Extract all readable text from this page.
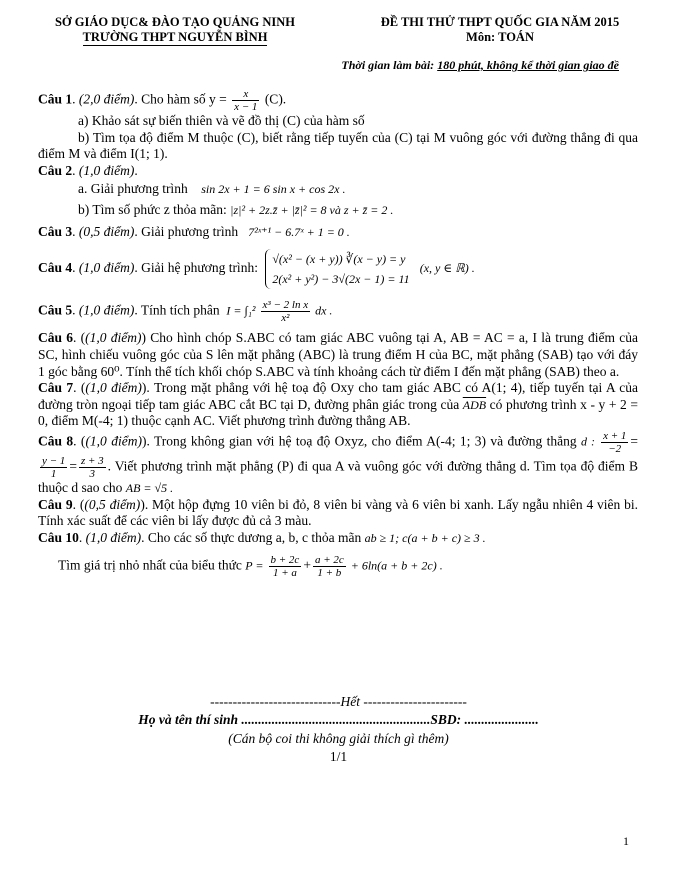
SỞ GIÁO DỤC& ĐÀO TẠO QUẢNG NINH
TRƯỜNG THPT NGUYỄN BÌNH
ĐỀ THI THỬ THPT QUỐC GIA NĂM 2015
Môn: TOÁN
Thời gian làm bài: 180 phút, không kể thời gian giao đề

Câu 1. (2,0 điểm). Cho hàm số $y = \frac{x}{x - 1} (C)$.

a) Khảo sát sự biến thiên và vẽ đồ thị (C) của hàm số

b) Tìm tọa độ điểm M thuộc (C), biết rằng tiếp tuyến của (C) tại M vuông góc với đường thẳng đi qua điểm M và điểm I(1; 1).

Câu 2. (1,0 điểm).

a. Giải phương trình sin 2x + 1 = 6 sin x + cos 2x .

b) Tìm số phức z thỏa mãn: |z|² + 2z.z̄ + |z̄|² = 8 và z + z̄ = 2 .

Câu 3. (0,5 điểm). Giải phương trình 7²ˣ⁺¹ − 6.7ˣ + 1 = 0 .

Câu 4. (1,0 điểm). Giải hệ phương trình:
√(x² − (x + y)) ∛(x − y) = y
2(x² + y²) − 3√(2x − 1) = 11
(x, y ∈ ℝ) .

Câu 5. (1,0 điểm). Tính tích phân $I = \int_1^2 \frac{\text{x³ − 2 ln x}}{\text{x²}}$ dx .

Câu 6. ((1,0 điểm)) Cho hình chóp S.ABC có tam giác ABC vuông tại A, AB = AC = a, I là trung điểm của SC, hình chiếu vuông góc của S lên mặt phẳng (ABC) là trung điểm H của BC, mặt phẳng (SAB) tạo với đáy 1 góc bằng 60⁰. Tính thể tích khối chóp S.ABC và tính khoảng cách từ điểm I đến mặt phẳng (SAB) theo a.

Câu 7. ((1,0 điểm)). Trong mặt phẳng với hệ toạ độ Oxy cho tam giác ABC có A(1; 4), tiếp tuyến tại A của đường tròn ngoại tiếp tam giác ABC cắt BC tại D, đường phân giác trong của $\overline{ADB}$ có phương trình x - y + 2 = 0, điểm M(-4; 1) thuộc cạnh AC. Viết phương trình đường thẳng AB.

Câu 8. ((1,0 điểm)). Trong không gian với hệ toạ độ Oxyz, cho điểm A(-4; 1; 3) và đường thẳng d : $\frac{x + 1}{-2}$ =
$\frac{y - 1}{1} = \frac{z + 3}{3}$ . Viết phương trình mặt phẳng (P) đi qua A và vuông góc với đường thẳng d. Tìm tọa độ điểm B thuộc d sao cho AB = √5 .

Câu 9. ((0,5 điểm)). Một hộp đựng 10 viên bi đỏ, 8 viên bi vàng và 6 viên bi xanh. Lấy ngẫu nhiên 4 viên bi. Tính xác suất để các viên bi lấy được đủ cả 3 màu.

Câu 10. (1,0 điểm). Cho các số thực dương a, b, c thỏa mãn ab ≥ 1; c(a + b + c) ≥ 3 .

Tìm giá trị nhỏ nhất của biểu thức $P = \frac{b + 2c}{1 + a} + \frac{a + 2c}{1 + b} + 6\ln(a + b + 2c)$ .

-----------------------------Hết -----------------------
Họ và tên thí sinh ........................................................SBD: ......................
(Cán bộ coi thi không giải thích gì thêm)
1/1
1
